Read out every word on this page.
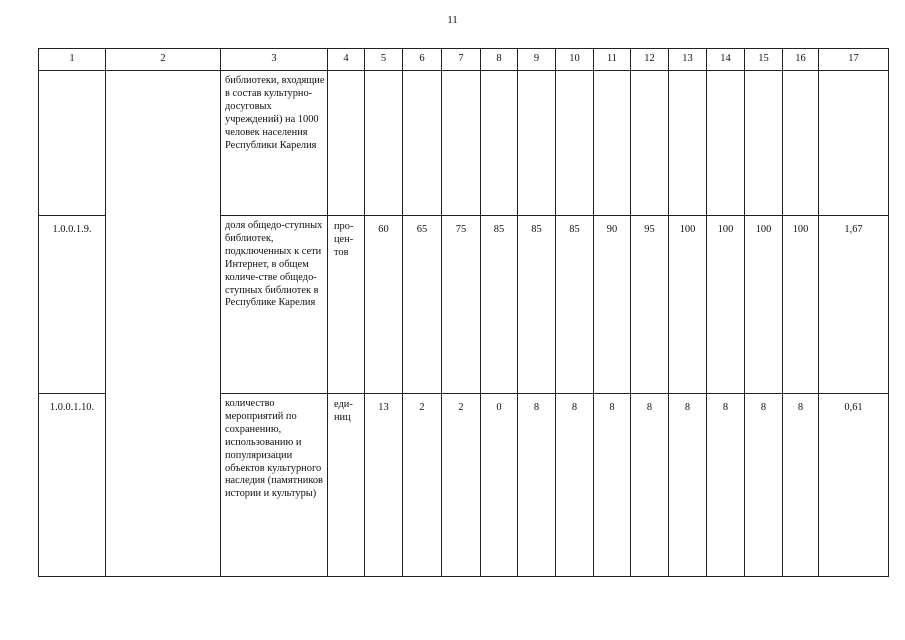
11
1	2	3	4	5	6	7	8	9	10	11	12	13	14	15	16	17
		библиотеки, входящие в состав культурно-досуговых учреждений) на 1000 человек населения Республики Карелия														
1.0.0.1.9.		доля общедо-ступных библиотек, подключенных к сети Интернет, в общем количе-стве общедо-ступных библиотек в Республике Карелия	про-цен-тов	60	65	75	85	85	85	90	95	100	100	100	100	1,67
1.0.0.1.10.		количество мероприятий по сохранению, использованию и популяризации объектов культурного наследия (памятников истории и культуры)	еди-ниц	13	2	2	0	8	8	8	8	8	8	8	8	0,61
